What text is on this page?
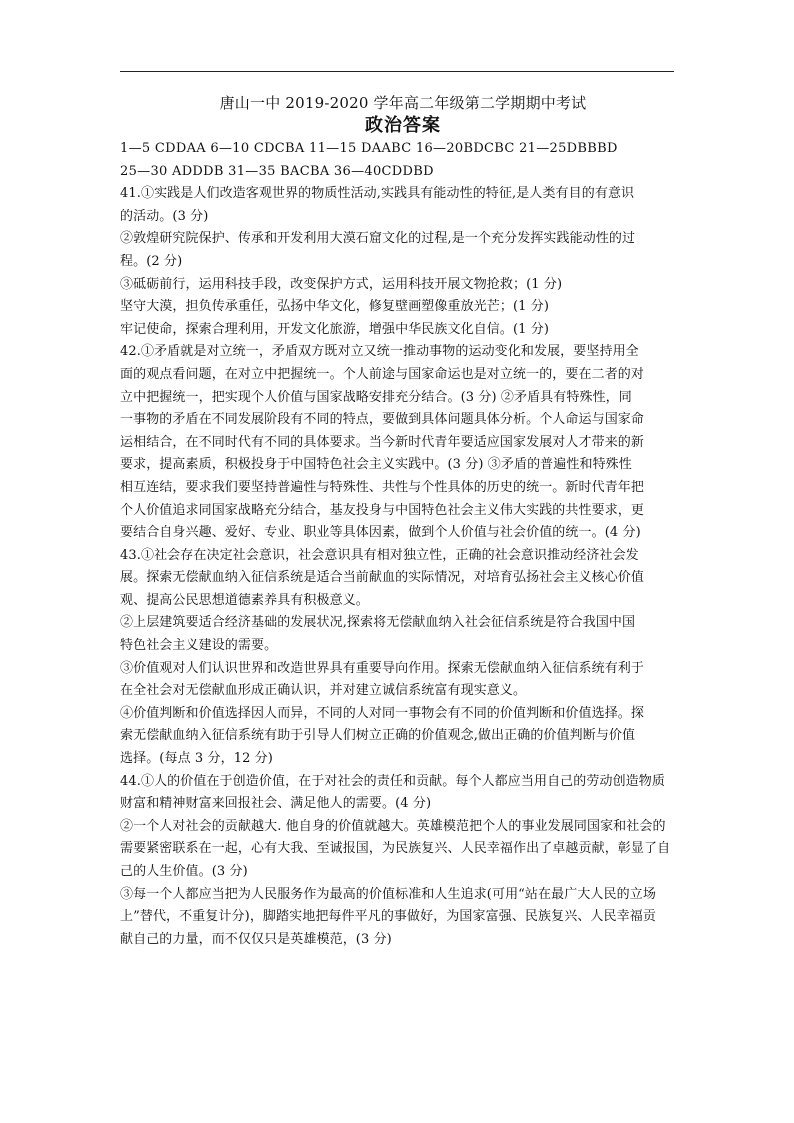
唐山一中 2019-2020 学年高二年级第二学期期中考试

政治答案

1—5 CDDAA 6—10 CDCBA 11—15 DAABC 16—20BDCBC 21—25DBBBD

25—30 ADDDB 31—35 BACBA 36—40CDDBD

41.①实践是人们改造客观世界的物质性活动,实践具有能动性的特征,是人类有目的有意识

的活动。(3 分)

②敦煌研究院保护、传承和开发利用大漠石窟文化的过程,是一个充分发挥实践能动性的过

程。(2 分)

③砥砺前行，运用科技手段，改变保护方式，运用科技开展文物抢救；(1 分)

坚守大漠，担负传承重任，弘扬中华文化，修复壁画塑像重放光芒；(1 分)

牢记使命，探索合理利用，开发文化旅游，增强中华民族文化自信。(1 分)

42.①矛盾就是对立统一，矛盾双方既对立又统一推动事物的运动变化和发展，要坚持用全

面的观点看问题，在对立中把握统一。个人前途与国家命运也是对立统一的，要在二者的对

立中把握统一，把实现个人价值与国家战略安排充分结合。(3 分) ②矛盾具有特殊性，同

一事物的矛盾在不同发展阶段有不同的特点，要做到具体问题具体分析。个人命运与国家命

运相结合，在不同时代有不同的具体要求。当今新时代青年要适应国家发展对人才带来的新

要求，提高素质，积极投身于中国特色社会主义实践中。(3 分) ③矛盾的普遍性和特殊性

相互连结，要求我们要坚持普遍性与特殊性、共性与个性具体的历史的统一。新时代青年把

个人价值追求同国家战略充分结合，基友投身与中国特色社会主义伟大实践的共性要求，更

要结合自身兴趣、爱好、专业、职业等具体因素，做到个人价值与社会价值的统一。(4 分)

43.①社会存在决定社会意识，社会意识具有相对独立性，正确的社会意识推动经济社会发

展。探索无偿献血纳入征信系统是适合当前献血的实际情况，对培育弘扬社会主义核心价值

观、提高公民思想道德素养具有积极意义。

②上层建筑要适合经济基础的发展状况,探索将无偿献血纳入社会征信系统是符合我国中国

特色社会主义建设的需要。

③价值观对人们认识世界和改造世界具有重要导向作用。探索无偿献血纳入征信系统有利于

在全社会对无偿献血形成正确认识，并对建立诚信系统富有现实意义。

④价值判断和价值选择因人而异，不同的人对同一事物会有不同的价值判断和价值选择。探

索无偿献血纳入征信系统有助于引导人们树立正确的价值观念,做出正确的价值判断与价值

选择。(每点 3 分，12 分)

44.①人的价值在于创造价值，在于对社会的责任和贡献。每个人都应当用自己的劳动创造物质

财富和精神财富来回报社会、满足他人的需要。(4 分)

②一个人对社会的贡献越大. 他自身的价值就越大。英雄模范把个人的事业发展同国家和社会的

需要紧密联系在一起，心有大我、至诚报国，为民族复兴、人民幸福作出了卓越贡献，彰显了自

己的人生价值。(3 分)

③每一个人都应当把为人民服务作为最高的价值标准和人生追求(可用“站在最广大人民的立场

上”替代，不重复计分)，脚踏实地把每件平凡的事做好，为国家富强、民族复兴、人民幸福贡

献自己的力量，而不仅仅只是英雄模范，(3 分)
